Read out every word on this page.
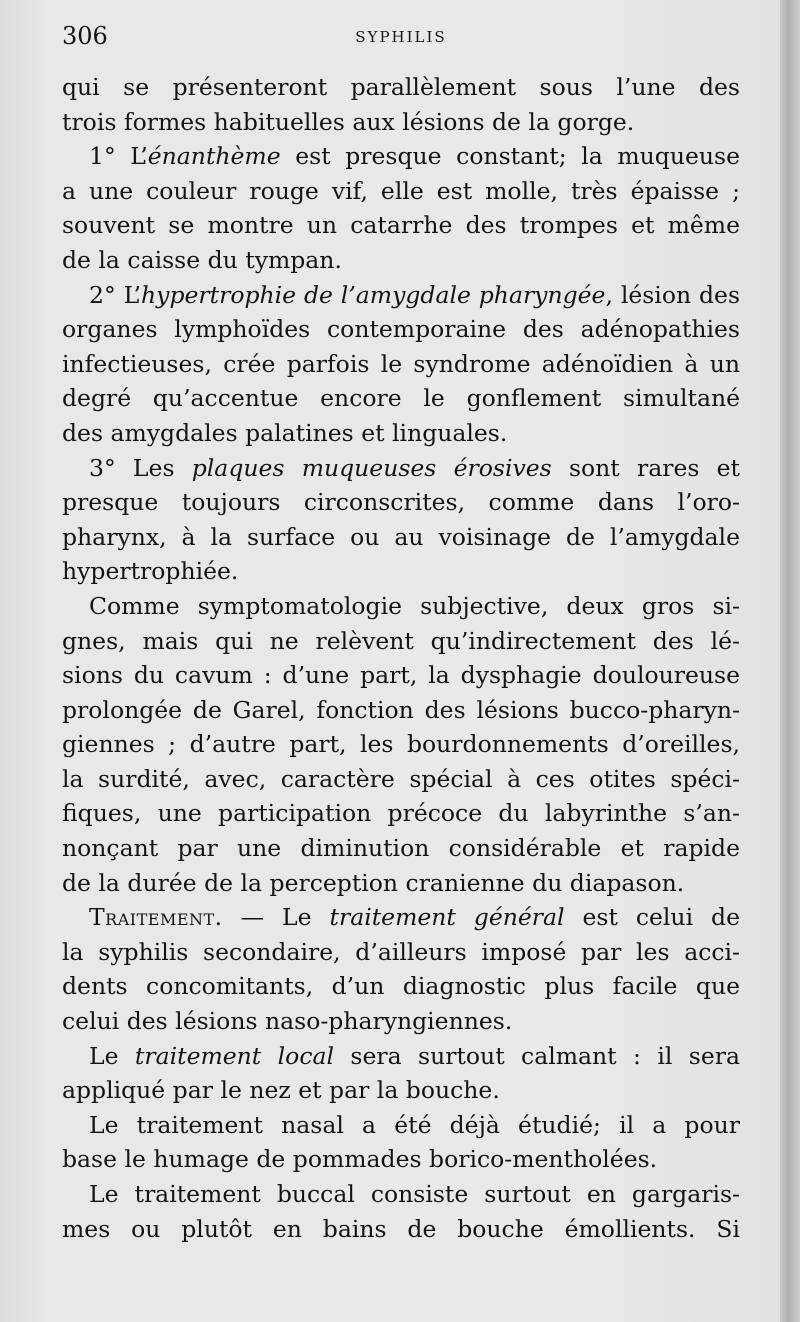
306	SYPHILIS
qui se présenteront parallèlement sous l’une des
trois formes habituelles aux lésions de la gorge.
1° L’énanthème est presque constant; la muqueuse
a une couleur rouge vif, elle est molle, très épaisse ;
souvent se montre un catarrhe des trompes et même
de la caisse du tympan.
2° L’hypertrophie de l’amygdale pharyngée, lésion des
organes lymphoïdes contemporaine des adénopathies
infectieuses, crée parfois le syndrome adénoïdien à un
degré qu’accentue encore le gonflement simultané
des amygdales palatines et linguales.
3° Les plaques muqueuses érosives sont rares et
presque toujours circonscrites, comme dans l’oro-
pharynx, à la surface ou au voisinage de l’amygdale
hypertrophiée.
Comme symptomatologie subjective, deux gros si-
gnes, mais qui ne relèvent qu’indirectement des lé-
sions du cavum : d’une part, la dysphagie douloureuse
prolongée de Garel, fonction des lésions bucco-pharyn-
giennes ; d’autre part, les bourdonnements d’oreilles,
la surdité, avec, caractère spécial à ces otites spéci-
fiques, une participation précoce du labyrinthe s’an-
nonçant par une diminution considérable et rapide
de la durée de la perception cranienne du diapason.
Traitement. — Le traitement général est celui de
la syphilis secondaire, d’ailleurs imposé par les acci-
dents concomitants, d’un diagnostic plus facile que
celui des lésions naso-pharyngiennes.
Le traitement local sera surtout calmant : il sera
appliqué par le nez et par la bouche.
Le traitement nasal a été déjà étudié; il a pour
base le humage de pommades borico-mentholées.
Le traitement buccal consiste surtout en gargaris-
mes ou plutôt en bains de bouche émollients. Si
